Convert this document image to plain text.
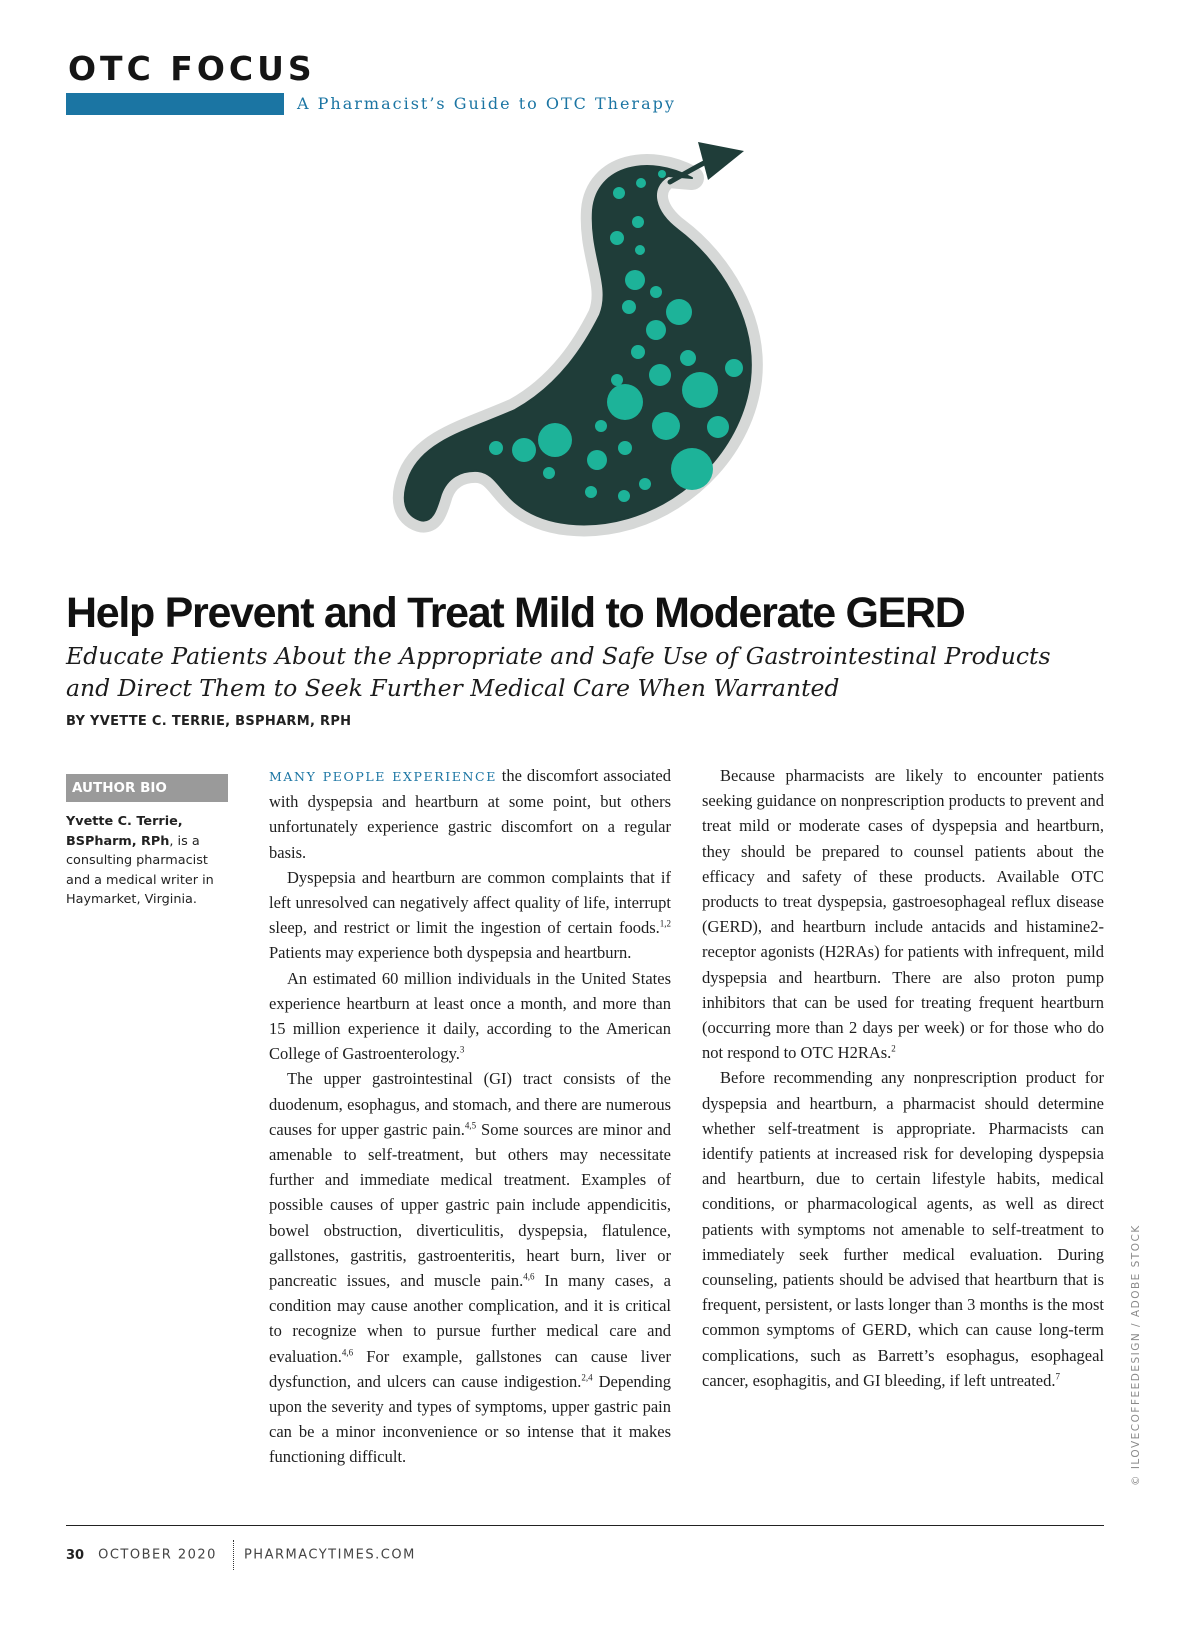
OTC FOCUS
A Pharmacist’s Guide to OTC Therapy
Help Prevent and Treat Mild to Moderate GERD
Educate Patients About the Appropriate and Safe Use of Gastrointestinal Products
and Direct Them to Seek Further Medical Care When Warranted
BY YVETTE C. TERRIE, BSPHARM, RPH
AUTHOR BIO
Yvette C. Terrie, BSPharm, RPh, is a consulting pharmacist and a medical writer in Haymarket, Virginia.

MANY PEOPLE EXPERIENCE the discomfort associated with dyspepsia and heartburn at some point, but others unfortunately experience gastric discomfort on a regular basis.

Dyspepsia and heartburn are common complaints that if left unresolved can negatively affect quality of life, interrupt sleep, and restrict or limit the ingestion of certain foods.$^{1,2}$ Patients may experience both dyspepsia and heartburn.

An estimated 60 million individuals in the United States experience heartburn at least once a month, and more than 15 million experience it daily, according to the American College of Gastroenterology.$^3$

The upper gastrointestinal (GI) tract consists of the duodenum, esophagus, and stomach, and there are numerous causes for upper gastric pain.$^{4,5}$ Some sources are minor and amenable to self-treatment, but others may necessitate further and immediate medical treatment. Examples of possible causes of upper gastric pain include appendicitis, bowel obstruction, diverticulitis, dyspepsia, flatulence, gallstones, gastritis, gastroenteritis, heart burn, liver or pancreatic issues, and muscle pain.$^{4,6}$ In many cases, a condition may cause another complication, and it is critical to recognize when to pursue further medical care and evaluation.$^{4,6}$ For example, gallstones can cause liver dysfunction, and ulcers can cause indigestion.$^{2,4}$ Depending upon the severity and types of symptoms, upper gastric pain can be a minor inconvenience or so intense that it makes functioning difficult.

Because pharmacists are likely to encounter patients seeking guidance on nonprescription products to prevent and treat mild or moderate cases of dyspepsia and heartburn, they should be prepared to counsel patients about the efficacy and safety of these products. Available OTC products to treat dyspepsia, gastroesophageal reflux disease (GERD), and heartburn include antacids and histamine2-receptor agonists (H2RAs) for patients with infrequent, mild dyspepsia and heartburn. There are also proton pump inhibitors that can be used for treating frequent heartburn (occurring more than 2 days per week) or for those who do not respond to OTC H2RAs.$^2$

Before recommending any nonprescription product for dyspepsia and heartburn, a pharmacist should determine whether self-treatment is appropriate. Pharmacists can identify patients at increased risk for developing dyspepsia and heartburn, due to certain lifestyle habits, medical conditions, or pharmacological agents, as well as direct patients with symptoms not amenable to self-treatment to immediately seek further medical evaluation. During counseling, patients should be advised that heartburn that is frequent, persistent, or lasts longer than 3 months is the most common symptoms of GERD, which can cause long-term complications, such as Barrett’s esophagus, esophageal cancer, esophagitis, and GI bleeding, if left untreated.$^7$	© ILOVECOFFEEDESIGN / ADOBE STOCK
30 OCTOBER 2020 PHARMACYTIMES.COM
